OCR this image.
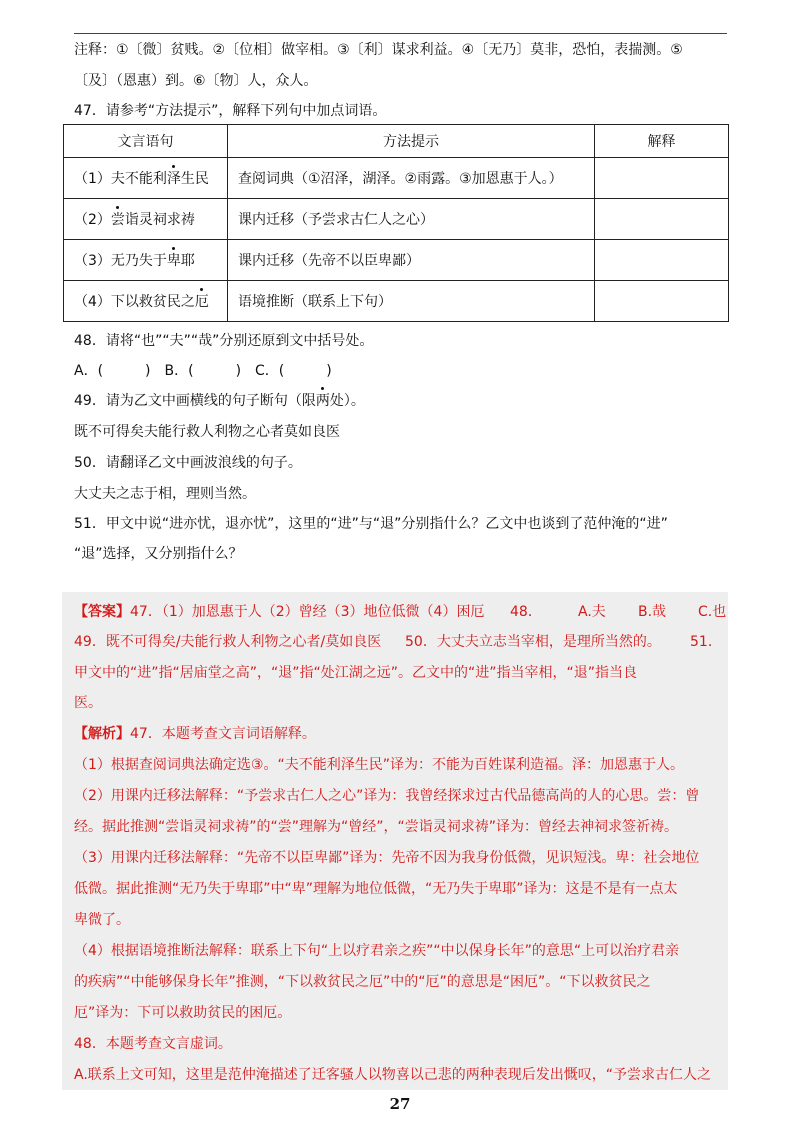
注释：①〔微〕贫贱。②〔位相〕做宰相。③〔利〕谋求利益。④〔无乃〕莫非，恐怕，表揣测。⑤
〔及〕（恩惠）到。⑥〔物〕人，众人。
47．请参考“方法提示”，解释下列句中加点词语。
文言语句	方法提示	解释
（1）夫不能利泽生民	查阅词典（①沼泽，湖泽。②雨露。③加恩惠于人。）	
（2）尝诣灵祠求祷	课内迁移（予尝求古仁人之心）	
（3）无乃失于卑耶	课内迁移（先帝不以臣卑鄙）	
（4）下以救贫民之厄	语境推断（联系上下句）	
48．请将“也”“夫”“哉”分别还原到文中括号处。
A．(　　　)　B．(　　　)　C．(　　　)
49．请为乙文中画横线的句子断句（限两处）。
既不可得矣夫能行救人利物之心者莫如良医
50．请翻译乙文中画波浪线的句子。
大丈夫之志于相，理则当然。
51．甲文中说“进亦忧，退亦忧”，这里的“进”与“退”分别指什么？乙文中也谈到了范仲淹的“进”
“退”选择，又分别指什么？
【答案】47．（1）加恩惠于人（2）曾经（3）地位低微（4）困厄 48．	A.夫 B.哉 C.也
49．既不可得矣/夫能行救人利物之心者/莫如良医 50．大丈夫立志当宰相，是理所当然的。 51．
甲文中的“进”指“居庙堂之高”，“退”指“处江湖之远”。乙文中的“进”指当宰相，“退”指当良
医。
【解析】47．本题考查文言词语解释。
（1）根据查阅词典法确定选③。“夫不能利泽生民”译为：不能为百姓谋利造福。泽：加恩惠于人。
（2）用课内迁移法解释：“予尝求古仁人之心”译为：我曾经探求过古代品德高尚的人的心思。尝：曾
经。据此推测“尝诣灵祠求祷”的“尝”理解为“曾经”，“尝诣灵祠求祷”译为：曾经去神祠求签祈祷。
（3）用课内迁移法解释：“先帝不以臣卑鄙”译为：先帝不因为我身份低微，见识短浅。卑：社会地位
低微。据此推测“无乃失于卑耶”中“卑”理解为地位低微，“无乃失于卑耶”译为：这是不是有一点太
卑微了。
（4）根据语境推断法解释：联系上下句“上以疗君亲之疾”“中以保身长年”的意思“上可以治疗君亲
的疾病”“中能够保身长年”推测，“下以救贫民之厄”中的“厄”的意思是“困厄”。“下以救贫民之
厄”译为：下可以救助贫民的困厄。
48．本题考查文言虚词。
A.联系上文可知，这里是范仲淹描述了迁客骚人以物喜以己悲的两种表现后发出慨叹，“予尝求古仁人之
27
